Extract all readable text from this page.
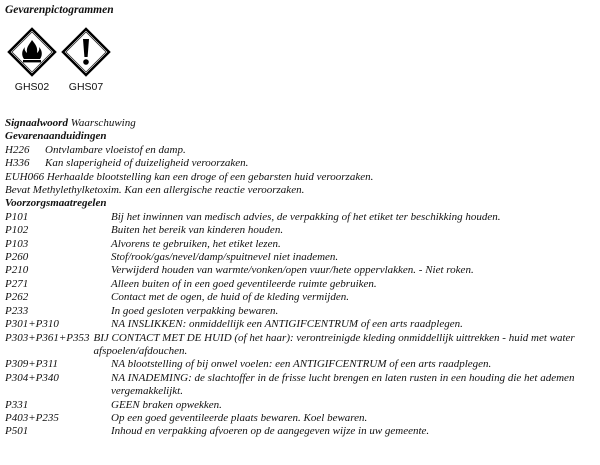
Gevarenpictogrammen
GHS02	GHS07
Signaalwoord Waarschuwing
Gevarenaanduidingen
H226	Ontvlambare vloeistof en damp.
H336	Kan slaperigheid of duizeligheid veroorzaken.
EUH066 Herhaalde blootstelling kan een droge of een gebarsten huid veroorzaken.
Bevat Methylethylketoxim. Kan een allergische reactie veroorzaken.
Voorzorgsmaatregelen
P101	Bij het inwinnen van medisch advies, de verpakking of het etiket ter beschikking houden.
P102	Buiten het bereik van kinderen houden.
P103	Alvorens te gebruiken, het etiket lezen.
P260	Stof/rook/gas/nevel/damp/spuitnevel niet inademen.
P210	Verwijderd houden van warmte/vonken/open vuur/hete oppervlakken. - Niet roken.
P271	Alleen buiten of in een goed geventileerde ruimte gebruiken.
P262	Contact met de ogen, de huid of de kleding vermijden.
P233	In goed gesloten verpakking bewaren.
P301+P310	NA INSLIKKEN: onmiddellijk een ANTIGIFCENTRUM of een arts raadplegen.
P303+P361+P353 BIJ CONTACT MET DE HUID (of het haar): verontreinigde kleding onmiddellijk uittrekken - huid met water afspoelen/afdouchen.
P309+P311	NA blootstelling of bij onwel voelen: een ANTIGIFCENTRUM of een arts raadplegen.
P304+P340	NA INADEMING: de slachtoffer in de frisse lucht brengen en laten rusten in een houding die het ademen vergemakkelijkt.
P331	GEEN braken opwekken.
P403+P235	Op een goed geventileerde plaats bewaren. Koel bewaren.
P501	Inhoud en verpakking afvoeren op de aangegeven wijze in uw gemeente.
